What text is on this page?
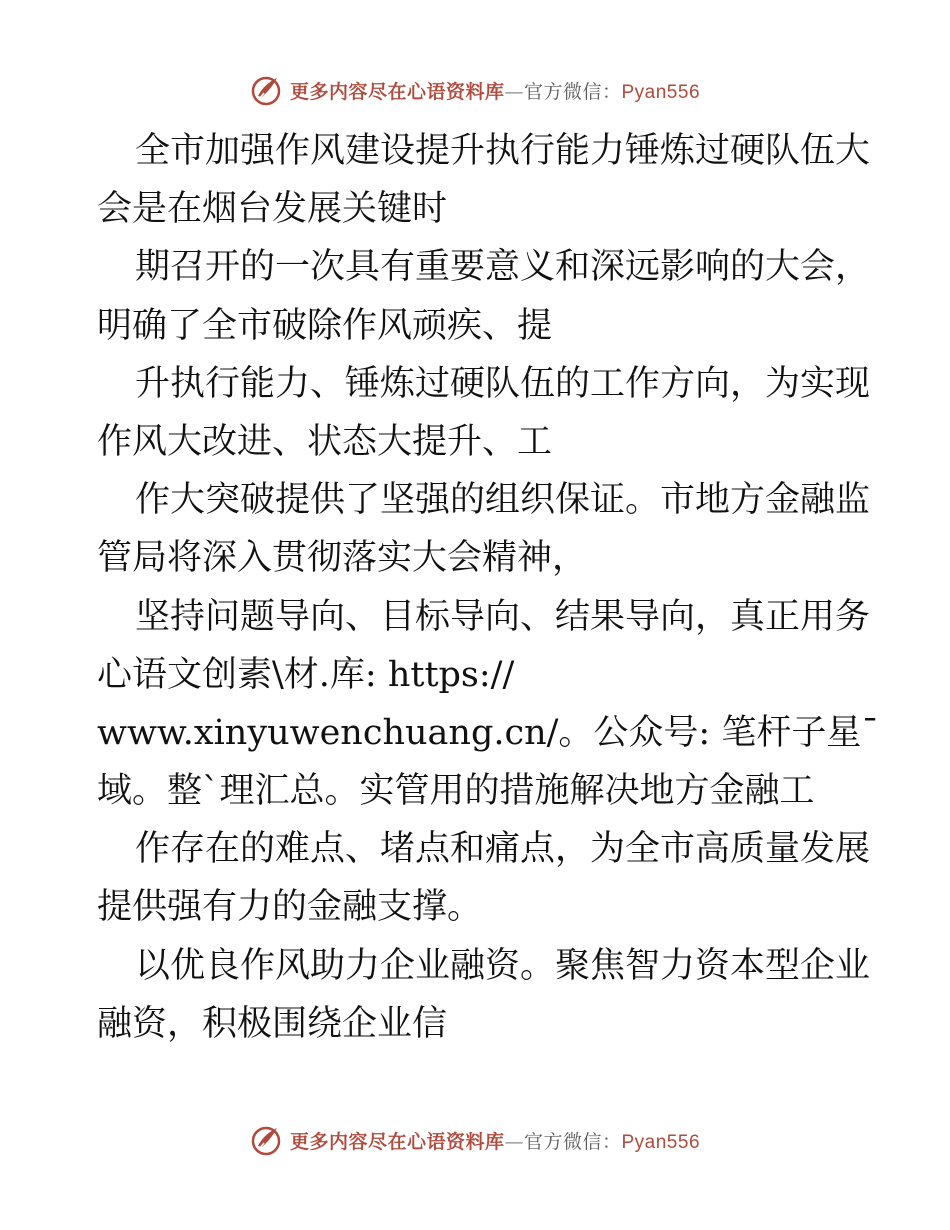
更多内容尽在心语资料库—官方微信：Pyan556
全市加强作风建设提升执行能力锤炼过硬队伍大
会是在烟台发展关键时
期召开的一次具有重要意义和深远影响的大会，
明确了全市破除作风顽疾、提
升执行能力、锤炼过硬队伍的工作方向，为实现
作风大改进、状态大提升、工
作大突破提供了坚强的组织保证。市地方金融监
管局将深入贯彻落实大会精神，
坚持问题导向、目标导向、结果导向，真正用务
心语文创素\材.库: https://
www.xinyuwenchuang.cn/。公众号: 笔杆子星¯
域。整`理汇总。实管用的措施解决地方金融工
作存在的难点、堵点和痛点，为全市高质量发展
提供强有力的金融支撑。
以优良作风助力企业融资。聚焦智力资本型企业
融资，积极围绕企业信
更多内容尽在心语资料库—官方微信：Pyan556
